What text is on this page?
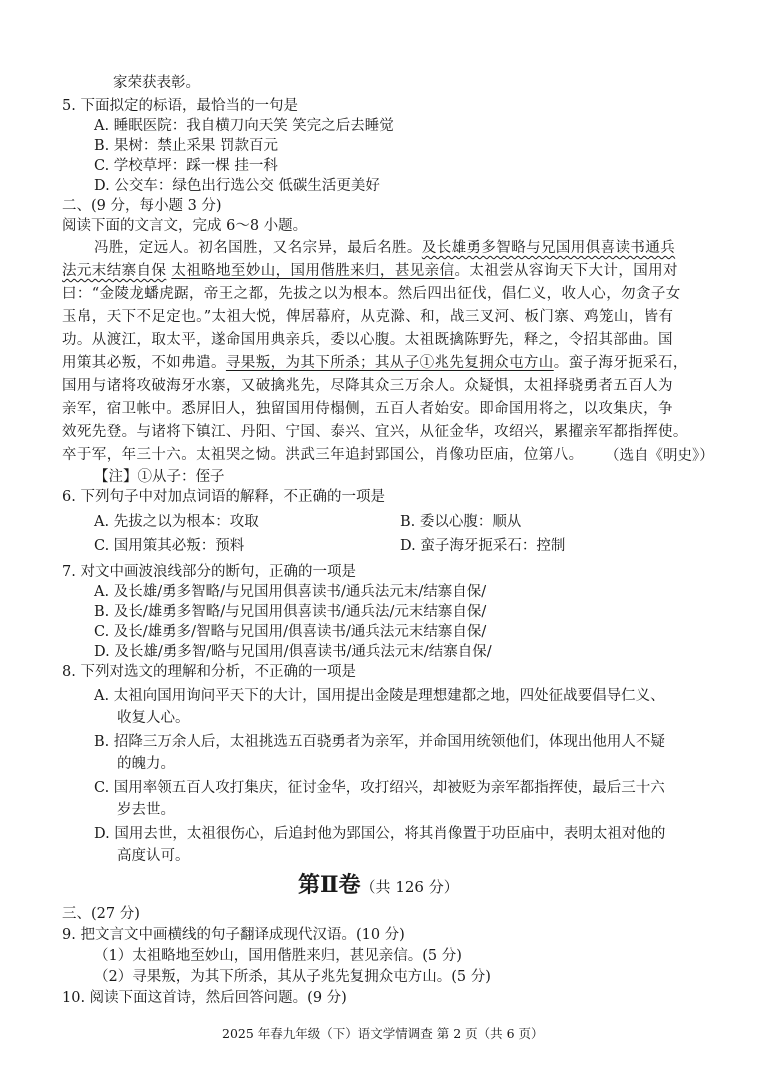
家荣获表彰。
5. 下面拟定的标语，最恰当的一句是
A. 睡眠医院：我自横刀向天笑 笑完之后去睡觉
B. 果树：禁止采果 罚款百元
C. 学校草坪：踩一棵 挂一科
D. 公交车：绿色出行选公交 低碳生活更美好
二、(9 分，每小题 3 分)
阅读下面的文言文，完成 6～8 小题。
冯胜，定远人。初名国胜，又名宗异，最后名胜。及长雄勇多智略与兄国用俱喜读书通兵
法元末结寨自保 太祖略地至妙山，国用偕胜来归，甚见亲信。太祖尝从容询天下大计，国用对
曰：“金陵龙蟠虎踞，帝王之都，先拔之以为根本。然后四出征伐，倡仁义，收人心，勿贪子女
玉帛，天下不足定也。”太祖大悦，俾居幕府，从克滁、和，战三叉河、板门寨、鸡笼山，皆有
功。从渡江，取太平，遂命国用典亲兵，委以心腹。太祖既擒陈野先，释之，令招其部曲。国
用策其必叛，不如弗遣。寻果叛，为其下所杀；其从子①兆先复拥众屯方山。蛮子海牙扼采石，
国用与诸将攻破海牙水寨，又破擒兆先，尽降其众三万余人。众疑惧，太祖择骁勇者五百人为
亲军，宿卫帐中。悉屏旧人，独留国用侍榻侧，五百人者始安。即命国用将之，以攻集庆，争
效死先登。与诸将下镇江、丹阳、宁国、泰兴、宜兴，从征金华，攻绍兴，累擢亲军都指挥使。
卒于军，年三十六。太祖哭之恸。洪武三年追封郢国公，肖像功臣庙，位第八。 （选自《明史》）
【注】①从子：侄子
6. 下列句子中对加点词语的解释，不正确的一项是
A. 先拔之以为根本：攻取	B. 委以心腹：顺从
C. 国用策其必叛：预料	D. 蛮子海牙扼采石：控制
7. 对文中画波浪线部分的断句，正确的一项是
A. 及长雄/勇多智略/与兄国用俱喜读书/通兵法元末/结寨自保/
B. 及长/雄勇多智略/与兄国用俱喜读书/通兵法/元末结寨自保/
C. 及长/雄勇多/智略与兄国用/俱喜读书/通兵法元末结寨自保/
D. 及长雄/勇多智/略与兄国用/俱喜读书/通兵法元末/结寨自保/
8. 下列对选文的理解和分析，不正确的一项是
A. 太祖向国用询问平天下的大计，国用提出金陵是理想建都之地，四处征战要倡导仁义、
收复人心。
B. 招降三万余人后，太祖挑选五百骁勇者为亲军，并命国用统领他们，体现出他用人不疑
的魄力。
C. 国用率领五百人攻打集庆，征讨金华，攻打绍兴，却被贬为亲军都指挥使，最后三十六
岁去世。
D. 国用去世，太祖很伤心，后追封他为郢国公，将其肖像置于功臣庙中，表明太祖对他的
高度认可。
第Ⅱ卷（共 126 分）
三、(27 分)
9. 把文言文中画横线的句子翻译成现代汉语。(10 分)
（1）太祖略地至妙山，国用偕胜来归，甚见亲信。(5 分)
（2）寻果叛，为其下所杀，其从子兆先复拥众屯方山。(5 分)
10. 阅读下面这首诗，然后回答问题。(9 分)
2025 年春九年级（下）语文学情调查 第 2 页（共 6 页）
